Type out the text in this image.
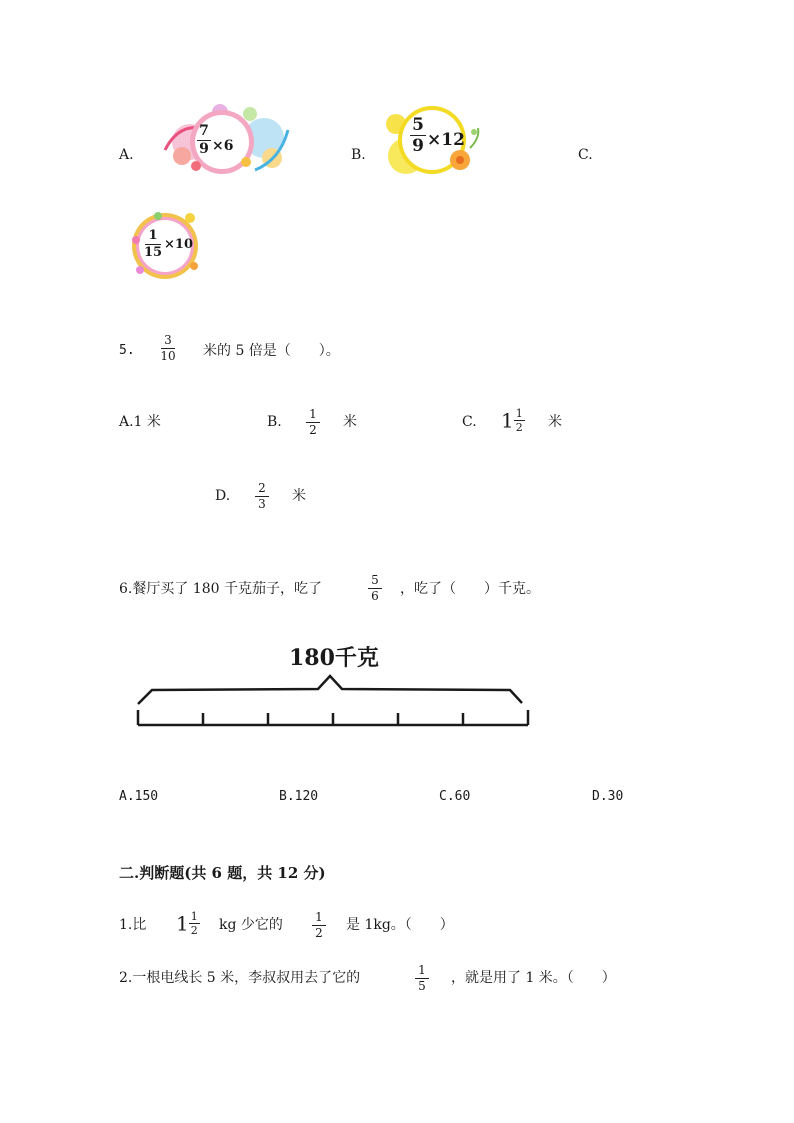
A.
7
9 ×6
B.
5
9 ×12
C.
1
15
×10
5.
3
10 米的 5 倍是（　　）。
A.1 米	B.	1
2	米	C. $1\frac{1}{2}$ 米
D.	2
3	米
6.餐厅买了 180 千克茄子，吃了
5
6	，吃了（　　）千克。
180千克
A.150	B.120	C.60	D.30
二.判断题(共 6 题，共 12 分)
1.比 $1\frac{1}{2}$ kg 少它的	1
2	是 1kg。（　　）
2.一根电线长 5 米，李叔叔用去了它的	1
5	，就是用了 1 米。（　　）
